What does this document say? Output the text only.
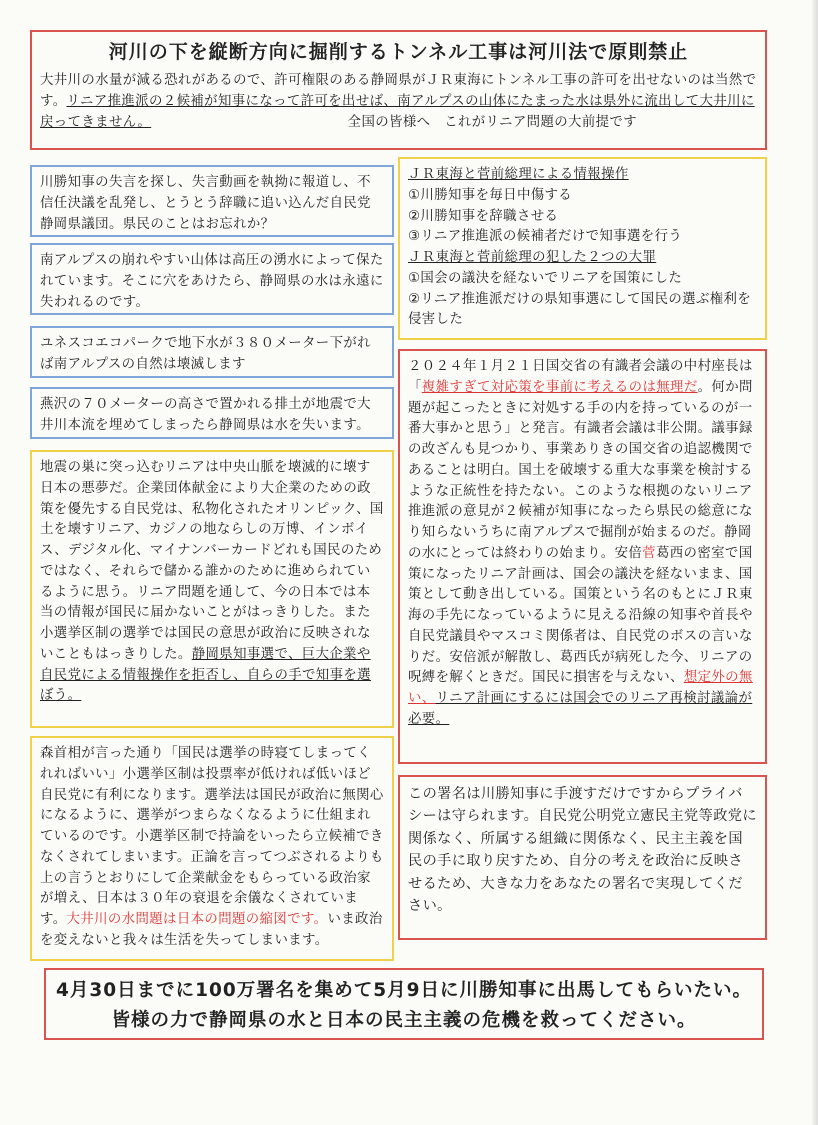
河川の下を縦断方向に掘削するトンネル工事は河川法で原則禁止
大井川の水量が減る恐れがあるので、許可権限のある静岡県がＪＲ東海にトンネル工事の許可を出せないのは当然です。リニア推進派の２候補が知事になって許可を出せば、南アルプスの山体にたまった水は県外に流出して大井川に戻ってきません。	全国の皆様へ　これがリニア問題の大前提です
川勝知事の失言を探し、失言動画を執拗に報道し、不信任決議を乱発し、とうとう辞職に追い込んだ自民党静岡県議団。県民のことはお忘れか？
南アルプスの崩れやすい山体は高圧の湧水によって保たれています。そこに穴をあけたら、静岡県の水は永遠に失われるのです。
ユネスコエコパークで地下水が３８０メーター下がれば南アルプスの自然は壊滅します
燕沢の７０メーターの高さで置かれる排土が地震で大井川本流を埋めてしまったら静岡県は水を失います。
地震の巣に突っ込むリニアは中央山脈を壊滅的に壊す日本の悪夢だ。企業団体献金により大企業のための政策を優先する自民党は、私物化されたオリンピック、国土を壊すリニア、カジノの地ならしの万博、インボイス、デジタル化、マイナンバーカードどれも国民のためではなく、それらで儲かる誰かのために進められているように思う。リニア問題を通して、今の日本では本当の情報が国民に届かないことがはっきりした。また小選挙区制の選挙では国民の意思が政治に反映されないこともはっきりした。静岡県知事選で、巨大企業や自民党による情報操作を拒否し、自らの手で知事を選ぼう。
森首相が言った通り「国民は選挙の時寝てしまってくれればいい」小選挙区制は投票率が低ければ低いほど自民党に有利になります。選挙法は国民が政治に無関心になるように、選挙がつまらなくなるように仕組まれているのです。小選挙区制で持論をいったら立候補できなくされてしまいます。正論を言ってつぶされるよりも上の言うとおりにして企業献金をもらっている政治家が増え、日本は３０年の衰退を余儀なくされています。大井川の水問題は日本の問題の縮図です。いま政治を変えないと我々は生活を失ってしまいます。
ＪＲ東海と菅前総理による情報操作
①川勝知事を毎日中傷する
②川勝知事を辞職させる
③リニア推進派の候補者だけで知事選を行う
ＪＲ東海と菅前総理の犯した２つの大罪
①国会の議決を経ないでリニアを国策にした
②リニア推進派だけの県知事選にして国民の選ぶ権利を侵害した
２０２４年１月２１日国交省の有識者会議の中村座長は「複雑すぎて対応策を事前に考えるのは無理だ。何か問題が起こったときに対処する手の内を持っているのが一番大事かと思う」と発言。有識者会議は非公開。議事録の改ざんも見つかり、事業ありきの国交省の追認機関であることは明白。国土を破壊する重大な事業を検討するような正統性を持たない。このような根拠のないリニア推進派の意見が２候補が知事になったら県民の総意になり知らないうちに南アルプスで掘削が始まるのだ。静岡の水にとっては終わりの始まり。安倍菅葛西の密室で国策になったリニア計画は、国会の議決を経ないまま、国策として動き出している。国策という名のもとにＪＲ東海の手先になっているように見える沿線の知事や首長や自民党議員やマスコミ関係者は、自民党のボスの言いなりだ。安倍派が解散し、葛西氏が病死した今、リニアの呪縛を解くときだ。国民に損害を与えない、想定外の無い、リニア計画にするには国会でのリニア再検討議論が必要。
この署名は川勝知事に手渡すだけですからプライバシーは守られます。自民党公明党立憲民主党等政党に関係なく、所属する組織に関係なく、民主主義を国民の手に取り戻すため、自分の考えを政治に反映させるため、大きな力をあなたの署名で実現してください。
4月30日までに100万署名を集めて5月9日に川勝知事に出馬してもらいたい。
皆様の力で静岡県の水と日本の民主主義の危機を救ってください。
